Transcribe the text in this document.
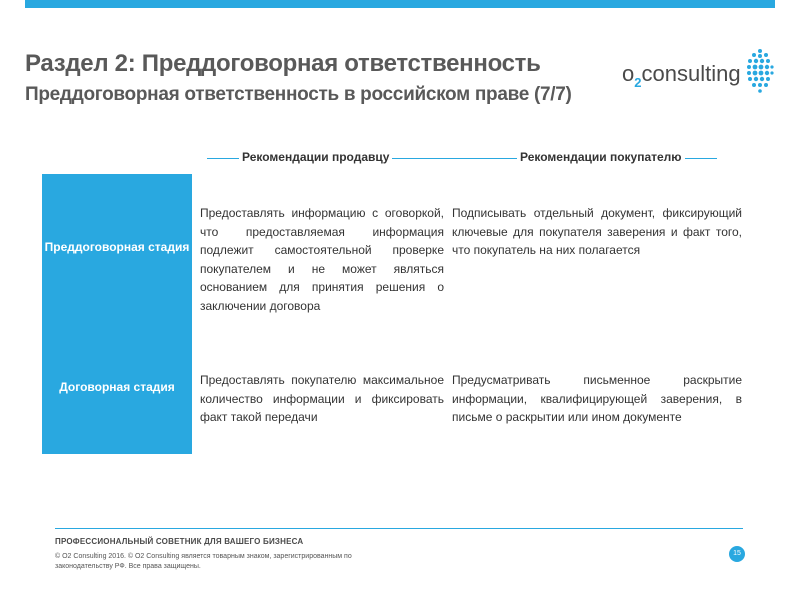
Раздел 2: Преддоговорная ответственность
Преддоговорная ответственность в российском праве (7/7)
$o_2consulting$
Рекомендации продавцу	Рекомендации покупателю
Преддоговорная стадия
Договорная стадия
Предоставлять информацию с оговоркой, что предоставляемая информация подлежит самостоятельной проверке покупателем и не может являться основанием для принятия решения о заключении договора
Подписывать отдельный документ, фиксирующий ключевые для покупателя заверения и факт того, что покупатель на них полагается
Предоставлять покупателю максимальное количество информации и фиксировать факт такой передачи
Предусматривать письменное раскрытие информации, квалифицирующей заверения, в письме о раскрытии или ином документе
ПРОФЕССИОНАЛЬНЫЙ СОВЕТНИК ДЛЯ ВАШЕГО БИЗНЕСА
© O2 Consulting 2016. © O2 Consulting является товарным знаком, зарегистрированным по законодательству РФ. Все права защищены.
15
